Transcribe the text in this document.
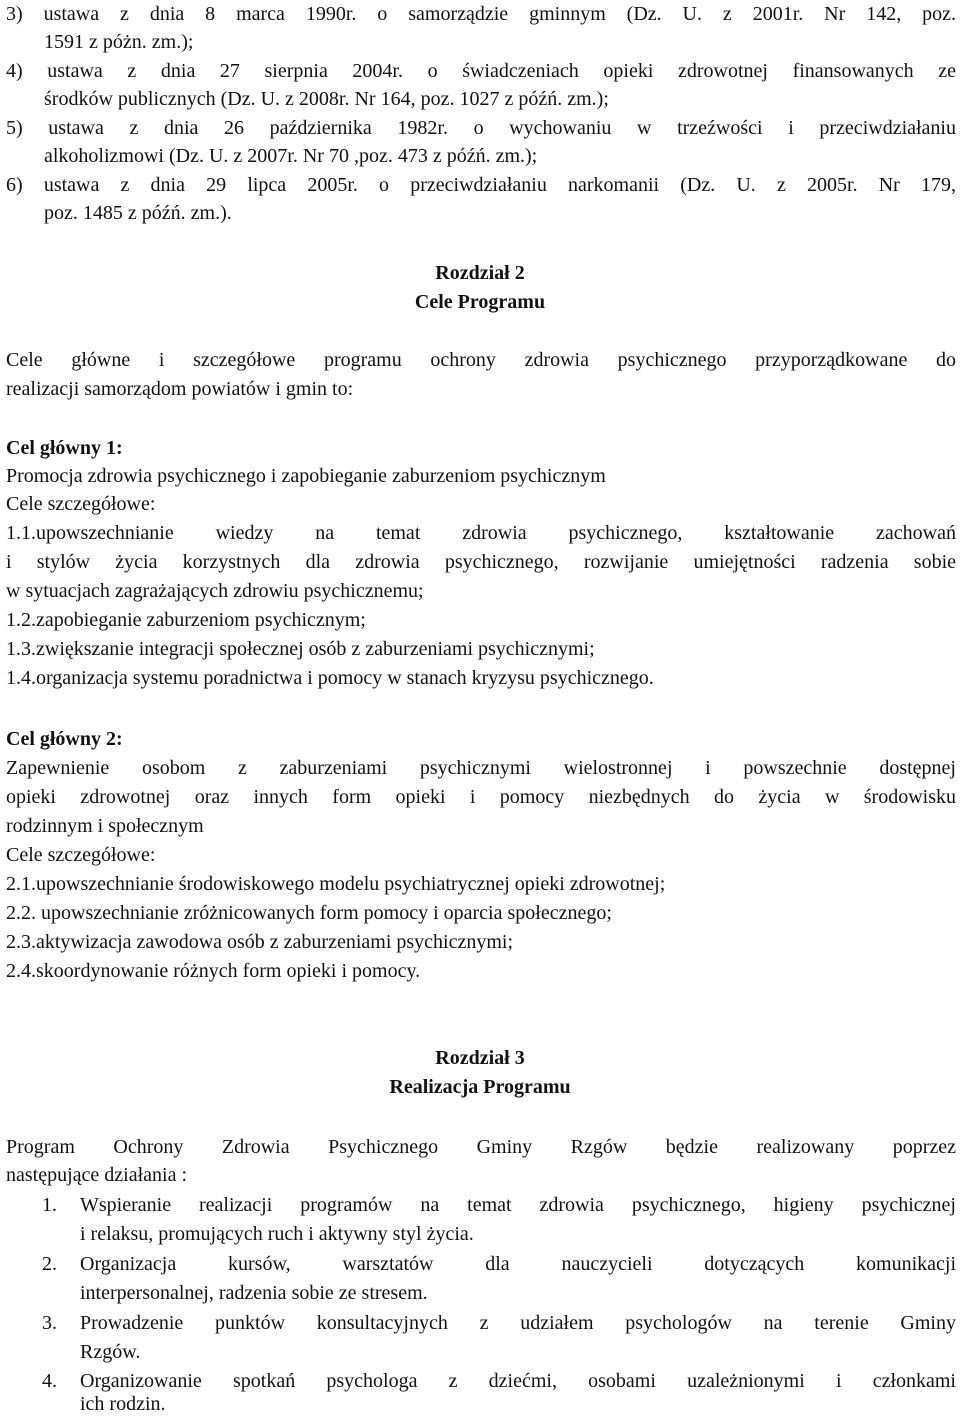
3) ustawa z dnia 8 marca 1990r. o samorządzie gminnym (Dz. U. z 2001r. Nr 142, poz.
1591 z póżn. zm.);
4) ustawa z dnia 27 sierpnia 2004r. o świadczeniach opieki zdrowotnej finansowanych ze
środków publicznych (Dz. U. z 2008r. Nr 164, poz. 1027 z późń. zm.);
5) ustawa z dnia 26 października 1982r. o wychowaniu w trzeźwości i przeciwdziałaniu
alkoholizmowi (Dz. U. z 2007r. Nr 70 ,poz. 473 z późń. zm.);
6) ustawa z dnia 29 lipca 2005r. o przeciwdziałaniu narkomanii (Dz. U. z 2005r. Nr 179,
poz. 1485 z późń. zm.).
Rozdział 2
Cele Programu
Cele główne i szczegółowe programu ochrony zdrowia psychicznego przyporządkowane do
realizacji samorządom powiatów i gmin to:
Cel główny 1:
Promocja zdrowia psychicznego i zapobieganie zaburzeniom psychicznym
Cele szczegółowe:
1.1.upowszechnianie wiedzy na temat zdrowia psychicznego, kształtowanie zachowań
i stylów życia korzystnych dla zdrowia psychicznego, rozwijanie umiejętności radzenia sobie
w sytuacjach zagrażających zdrowiu psychicznemu;
1.2.zapobieganie zaburzeniom psychicznym;
1.3.zwiększanie integracji społecznej osób z zaburzeniami psychicznymi;
1.4.organizacja systemu poradnictwa i pomocy w stanach kryzysu psychicznego.
Cel główny 2:
Zapewnienie osobom z zaburzeniami psychicznymi wielostronnej i powszechnie dostępnej
opieki zdrowotnej oraz innych form opieki i pomocy niezbędnych do życia w środowisku
rodzinnym i społecznym
Cele szczegółowe:
2.1.upowszechnianie środowiskowego modelu psychiatrycznej opieki zdrowotnej;
2.2. upowszechnianie zróżnicowanych form pomocy i oparcia społecznego;
2.3.aktywizacja zawodowa osób z zaburzeniami psychicznymi;
2.4.skoordynowanie różnych form opieki i pomocy.
Rozdział 3
Realizacja Programu
Program Ochrony Zdrowia Psychicznego Gminy Rzgów będzie realizowany poprzez
następujące działania :
1. Wspieranie realizacji programów na temat zdrowia psychicznego, higieny psychicznej
i relaksu, promujących ruch i aktywny styl życia.
2. Organizacja kursów, warsztatów dla nauczycieli dotyczących komunikacji
interpersonalnej, radzenia sobie ze stresem.
3. Prowadzenie punktów konsultacyjnych z udziałem psychologów na terenie Gminy
Rzgów.
4. Organizowanie spotkań psychologa z dziećmi, osobami uzależnionymi i członkami
ich rodzin.
